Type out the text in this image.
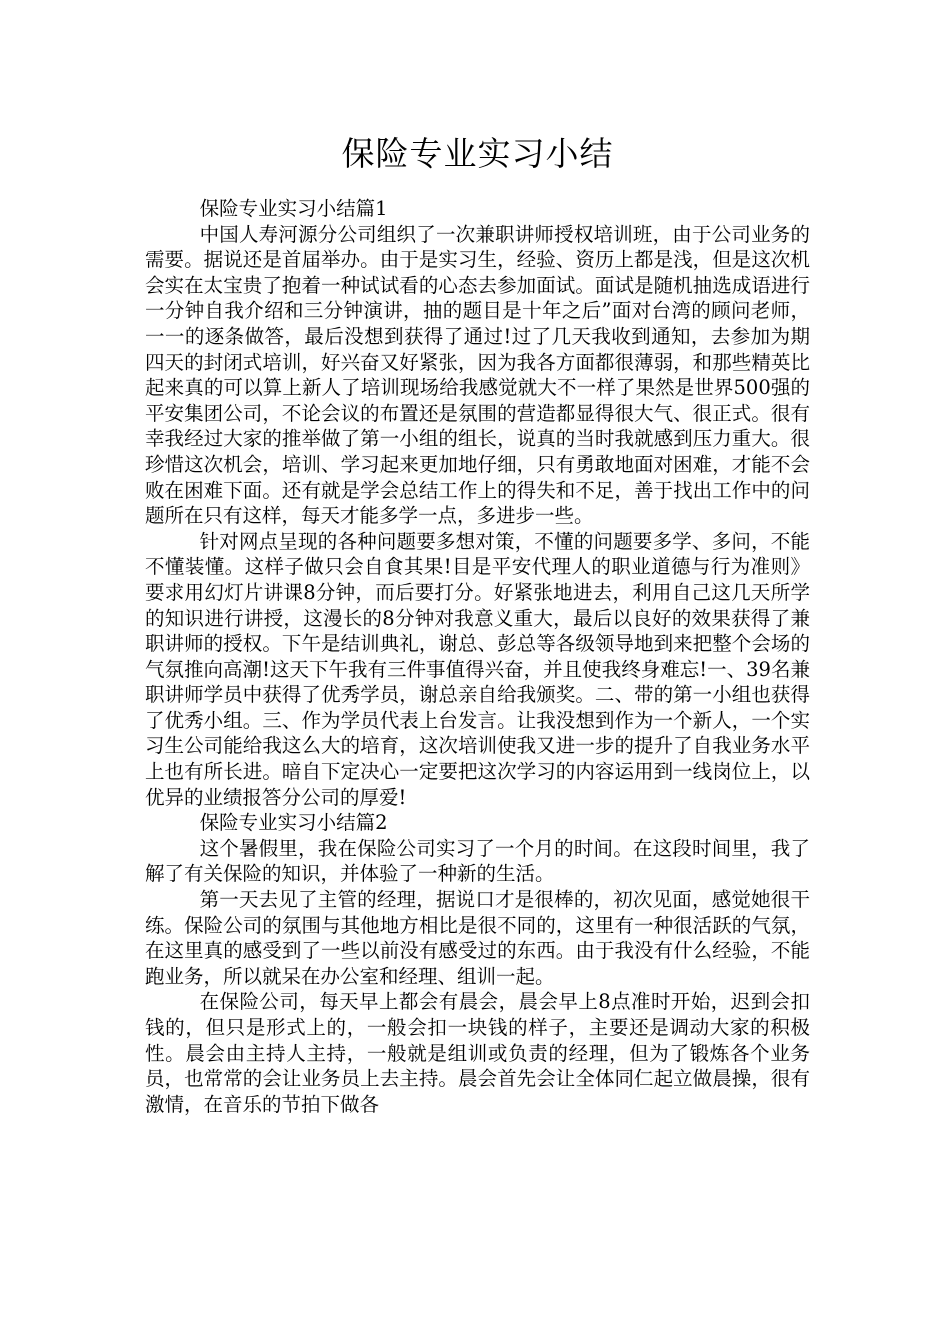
保险专业实习小结

保险专业实习小结篇1

中国人寿河源分公司组织了一次兼职讲师授权培训班，由于公司业务的需要。据说还是首届举办。由于是实习生，经验、资历上都是浅，但是这次机会实在太宝贵了抱着一种试试看的心态去参加面试。面试是随机抽选成语进行一分钟自我介绍和三分钟演讲，抽的题目是十年之后”面对台湾的顾问老师，一一的逐条做答，最后没想到获得了通过!过了几天我收到通知，去参加为期四天的封闭式培训，好兴奋又好紧张，因为我各方面都很薄弱，和那些精英比起来真的可以算上新人了培训现场给我感觉就大不一样了果然是世界500强的平安集团公司，不论会议的布置还是氛围的营造都显得很大气、很正式。很有幸我经过大家的推举做了第一小组的组长，说真的当时我就感到压力重大。很珍惜这次机会，培训、学习起来更加地仔细，只有勇敢地面对困难，才能不会败在困难下面。还有就是学会总结工作上的得失和不足，善于找出工作中的问题所在只有这样，每天才能多学一点，多进步一些。

针对网点呈现的各种问题要多想对策，不懂的问题要多学、多问，不能不懂装懂。这样子做只会自食其果!目是平安代理人的职业道德与行为准则》要求用幻灯片讲课8分钟，而后要打分。好紧张地进去，利用自己这几天所学的知识进行讲授，这漫长的8分钟对我意义重大，最后以良好的效果获得了兼职讲师的授权。下午是结训典礼，谢总、彭总等各级领导地到来把整个会场的气氛推向高潮!这天下午我有三件事值得兴奋，并且使我终身难忘!一、39名兼职讲师学员中获得了优秀学员，谢总亲自给我颁奖。二、带的第一小组也获得了优秀小组。三、作为学员代表上台发言。让我没想到作为一个新人，一个实习生公司能给我这么大的培育，这次培训使我又进一步的提升了自我业务水平上也有所长进。暗自下定决心一定要把这次学习的内容运用到一线岗位上，以优异的业绩报答分公司的厚爱!

保险专业实习小结篇2

这个暑假里，我在保险公司实习了一个月的时间。在这段时间里，我了解了有关保险的知识，并体验了一种新的生活。

第一天去见了主管的经理，据说口才是很棒的，初次见面，感觉她很干练。保险公司的氛围与其他地方相比是很不同的，这里有一种很活跃的气氛，在这里真的感受到了一些以前没有感受过的东西。由于我没有什么经验，不能跑业务，所以就呆在办公室和经理、组训一起。

在保险公司，每天早上都会有晨会，晨会早上8点准时开始，迟到会扣钱的，但只是形式上的，一般会扣一块钱的样子，主要还是调动大家的积极性。晨会由主持人主持，一般就是组训或负责的经理，但为了锻炼各个业务员，也常常的会让业务员上去主持。晨会首先会让全体同仁起立做晨操，很有激情，在音乐的节拍下做各
